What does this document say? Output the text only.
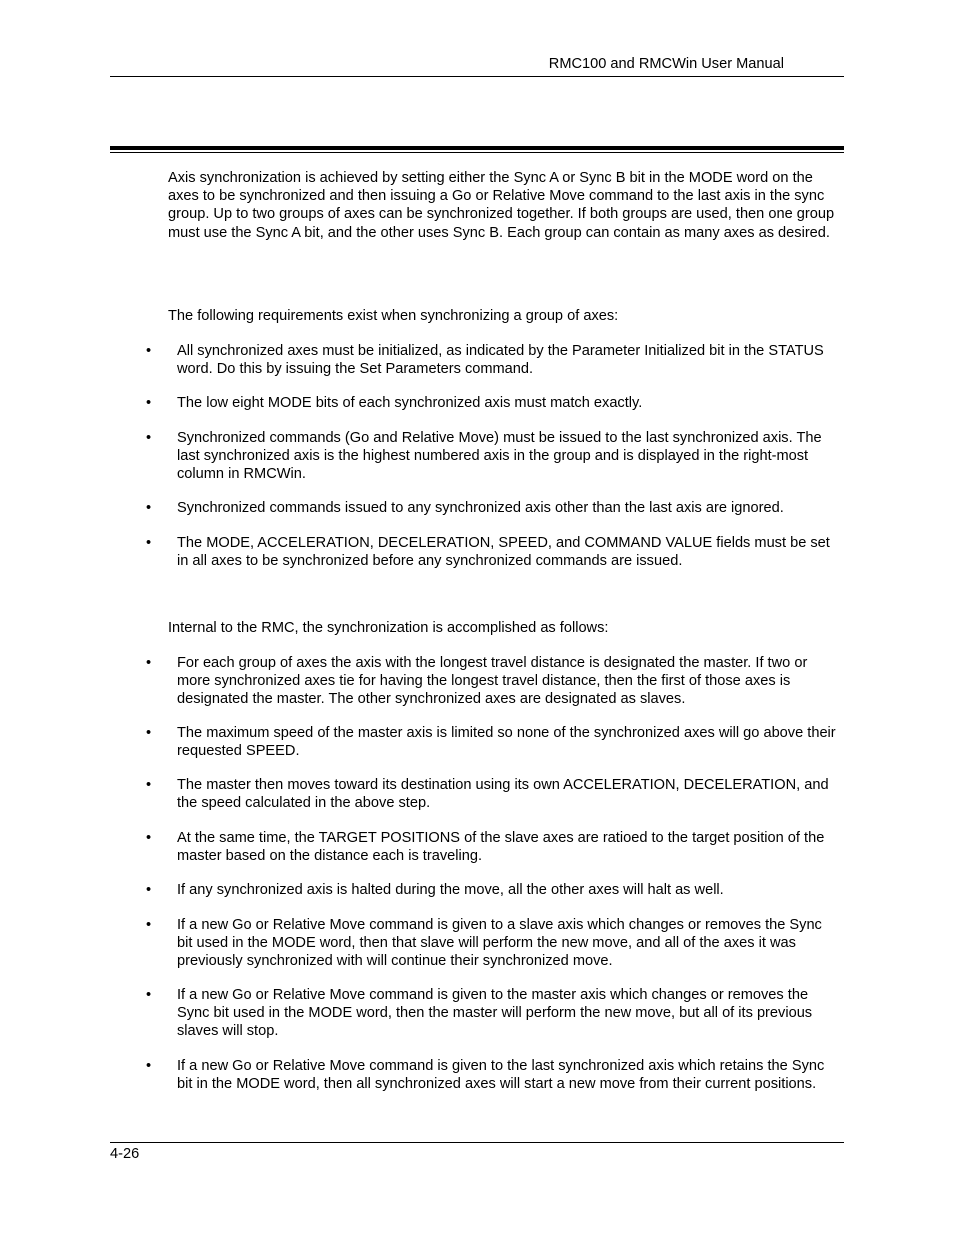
RMC100 and RMCWin User Manual

Axis synchronization is achieved by setting either the Sync A or Sync B bit in the MODE word on the axes to be synchronized and then issuing a Go or Relative Move command to the last axis in the sync group. Up to two groups of axes can be synchronized together. If both groups are used, then one group must use the Sync A bit, and the other uses Sync B. Each group can contain as many axes as desired.

The following requirements exist when synchronizing a group of axes:

• All synchronized axes must be initialized, as indicated by the Parameter Initialized bit in the STATUS word. Do this by issuing the Set Parameters command.
• The low eight MODE bits of each synchronized axis must match exactly.
• Synchronized commands (Go and Relative Move) must be issued to the last synchronized axis. The last synchronized axis is the highest numbered axis in the group and is displayed in the right-most column in RMCWin.
• Synchronized commands issued to any synchronized axis other than the last axis are ignored.
• The MODE, ACCELERATION, DECELERATION, SPEED, and COMMAND VALUE fields must be set in all axes to be synchronized before any synchronized commands are issued.

Internal to the RMC, the synchronization is accomplished as follows:

• For each group of axes the axis with the longest travel distance is designated the master. If two or more synchronized axes tie for having the longest travel distance, then the first of those axes is designated the master. The other synchronized axes are designated as slaves.
• The maximum speed of the master axis is limited so none of the synchronized axes will go above their requested SPEED.
• The master then moves toward its destination using its own ACCELERATION, DECELERATION, and the speed calculated in the above step.
• At the same time, the TARGET POSITIONS of the slave axes are ratioed to the target position of the master based on the distance each is traveling.
• If any synchronized axis is halted during the move, all the other axes will halt as well.
• If a new Go or Relative Move command is given to a slave axis which changes or removes the Sync bit used in the MODE word, then that slave will perform the new move, and all of the axes it was previously synchronized with will continue their synchronized move.
• If a new Go or Relative Move command is given to the master axis which changes or removes the Sync bit used in the MODE word, then the master will perform the new move, but all of its previous slaves will stop.
• If a new Go or Relative Move command is given to the last synchronized axis which retains the Sync bit in the MODE word, then all synchronized axes will start a new move from their current positions.
4-26
